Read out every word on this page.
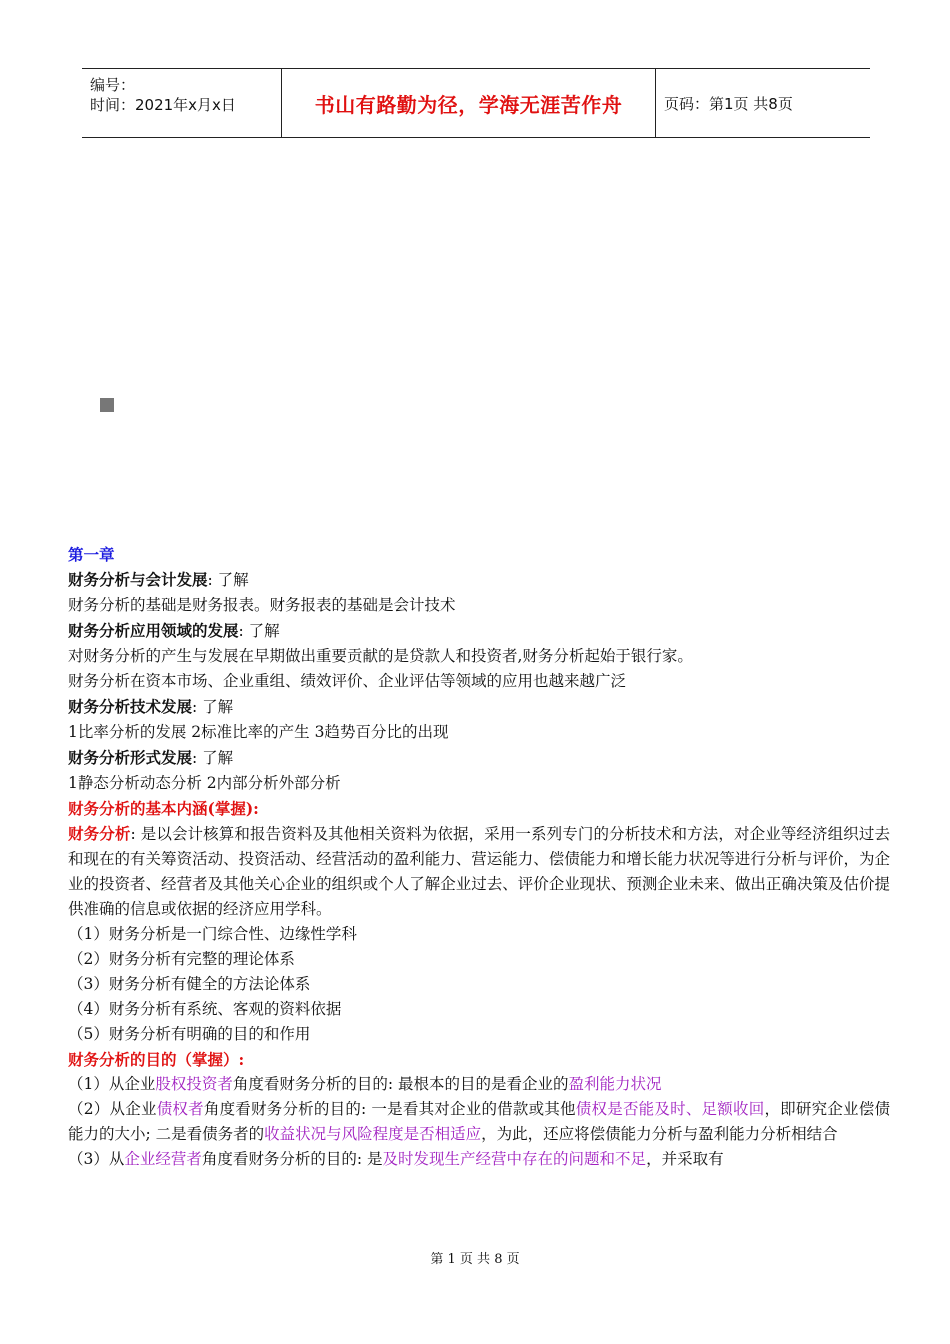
编号：
时间：2021年x月x日	书山有路勤为径，学海无涯苦作舟	页码：第1页 共8页

第一章

财务分析与会计发展: 了解

财务分析的基础是财务报表。财务报表的基础是会计技术

财务分析应用领域的发展: 了解

对财务分析的产生与发展在早期做出重要贡献的是贷款人和投资者,财务分析起始于银行家。

财务分析在资本市场、企业重组、绩效评价、企业评估等领域的应用也越来越广泛

财务分析技术发展: 了解

1比率分析的发展 2标准比率的产生 3趋势百分比的出现

财务分析形式发展: 了解

1静态分析动态分析 2内部分析外部分析

财务分析的基本内涵(掌握):

财务分析: 是以会计核算和报告资料及其他相关资料为依据，采用一系列专门的分析技术和方法，对企业等经济组织过去和现在的有关筹资活动、投资活动、经营活动的盈利能力、营运能力、偿债能力和增长能力状况等进行分析与评价，为企业的投资者、经营者及其他关心企业的组织或个人了解企业过去、评价企业现状、预测企业未来、做出正确决策及估价提供准确的信息或依据的经济应用学科。

（1）财务分析是一门综合性、边缘性学科

（2）财务分析有完整的理论体系

（3）财务分析有健全的方法论体系

（4）财务分析有系统、客观的资料依据

（5）财务分析有明确的目的和作用

财务分析的目的（掌握）:

（1）从企业股权投资者角度看财务分析的目的: 最根本的目的是看企业的盈利能力状况

（2）从企业债权者角度看财务分析的目的: 一是看其对企业的借款或其他债权是否能及时、足额收回，即研究企业偿债能力的大小; 二是看债务者的收益状况与风险程度是否相适应，为此，还应将偿债能力分析与盈利能力分析相结合

（3）从企业经营者角度看财务分析的目的: 是及时发现生产经营中存在的问题和不足，并采取有

第 1 页 共 8 页
